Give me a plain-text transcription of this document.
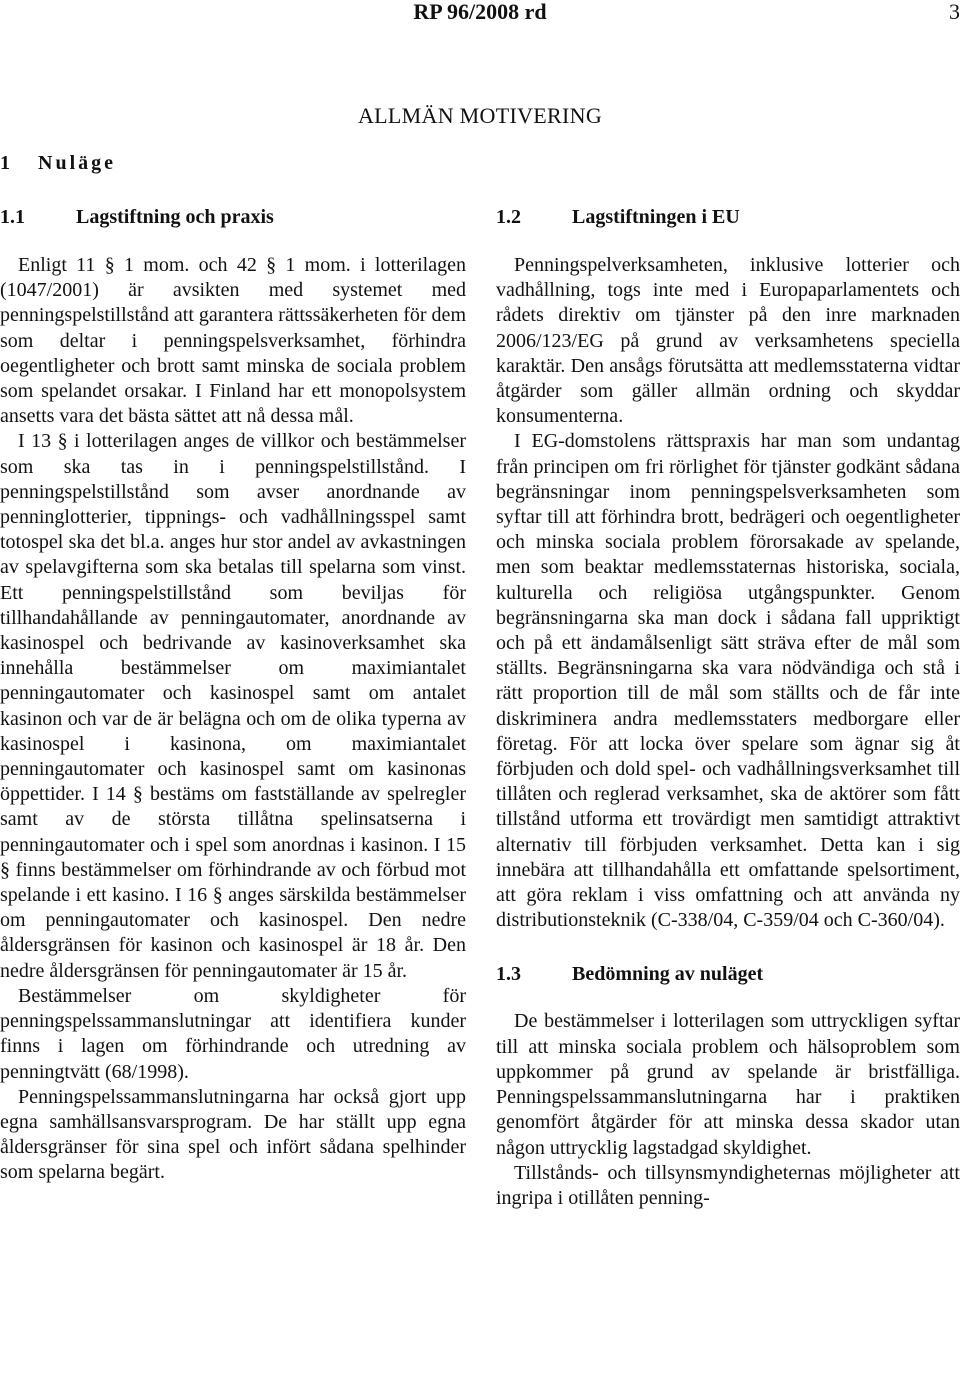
RP 96/2008 rd	3
ALLMÄN MOTIVERING
1 Nuläge
1.1	Lagstiftning och praxis

Enligt 11 § 1 mom. och 42 § 1 mom. i lotterilagen (1047/2001) är avsikten med systemet med penningspelstillstånd att garantera rättssäkerheten för dem som deltar i penningspelsverksamhet, förhindra oegentligheter och brott samt minska de sociala problem som spelandet orsakar. I Finland har ett monopolsystem ansetts vara det bästa sättet att nå dessa mål.

I 13 § i lotterilagen anges de villkor och bestämmelser som ska tas in i penningspelstillstånd. I penningspelstillstånd som avser anordnande av penninglotterier, tippnings- och vadhållningsspel samt totospel ska det bl.a. anges hur stor andel av avkastningen av spelavgifterna som ska betalas till spelarna som vinst. Ett penningspelstillstånd som beviljas för tillhandahållande av penningautomater, anordnande av kasinospel och bedrivande av kasinoverksamhet ska innehålla bestämmelser om maximiantalet penningautomater och kasinospel samt om antalet kasinon och var de är belägna och om de olika typerna av kasinospel i kasinona, om maximiantalet penningautomater och kasinospel samt om kasinonas öppettider. I 14 § bestäms om fastställande av spelregler samt av de största tillåtna spelinsatserna i penningautomater och i spel som anordnas i kasinon. I 15 § finns bestämmelser om förhindrande av och förbud mot spelande i ett kasino. I 16 § anges särskilda bestämmelser om penningautomater och kasinospel. Den nedre åldersgränsen för kasinon och kasinospel är 18 år. Den nedre åldersgränsen för penningautomater är 15 år.

Bestämmelser om skyldigheter för penningspelssammanslutningar att identifiera kunder finns i lagen om förhindrande och utredning av penningtvätt (68/1998).

Penningspelssammanslutningarna har också gjort upp egna samhällsansvarsprogram. De har ställt upp egna åldersgränser för sina spel och infört sådana spelhinder som spelarna begärt.

1.2	Lagstiftningen i EU

Penningspelverksamheten, inklusive lotterier och vadhållning, togs inte med i Europaparlamentets och rådets direktiv om tjänster på den inre marknaden 2006/123/EG på grund av verksamhetens speciella karaktär. Den ansågs förutsätta att medlemsstaterna vidtar åtgärder som gäller allmän ordning och skyddar konsumenterna.

I EG-domstolens rättspraxis har man som undantag från principen om fri rörlighet för tjänster godkänt sådana begränsningar inom penningspelsverksamheten som syftar till att förhindra brott, bedrägeri och oegentligheter och minska sociala problem förorsakade av spelande, men som beaktar medlemsstaternas historiska, sociala, kulturella och religiösa utgångspunkter. Genom begränsningarna ska man dock i sådana fall uppriktigt och på ett ändamålsenligt sätt sträva efter de mål som ställts. Begränsningarna ska vara nödvändiga och stå i rätt proportion till de mål som ställts och de får inte diskriminera andra medlemsstaters medborgare eller företag. För att locka över spelare som ägnar sig åt förbjuden och dold spel- och vadhållningsverksamhet till tillåten och reglerad verksamhet, ska de aktörer som fått tillstånd utforma ett trovärdigt men samtidigt attraktivt alternativ till förbjuden verksamhet. Detta kan i sig innebära att tillhandahålla ett omfattande spelsortiment, att göra reklam i viss omfattning och att använda ny distributionsteknik (C-338/04, C-359/04 och C-360/04).

1.3	Bedömning av nuläget

De bestämmelser i lotterilagen som uttryckligen syftar till att minska sociala problem och hälsoproblem som uppkommer på grund av spelande är bristfälliga. Penningspelssammanslutningarna har i praktiken genomfört åtgärder för att minska dessa skador utan någon uttrycklig lagstadgad skyldighet.

Tillstånds- och tillsynsmyndigheternas möjligheter att ingripa i otillåten penning-
